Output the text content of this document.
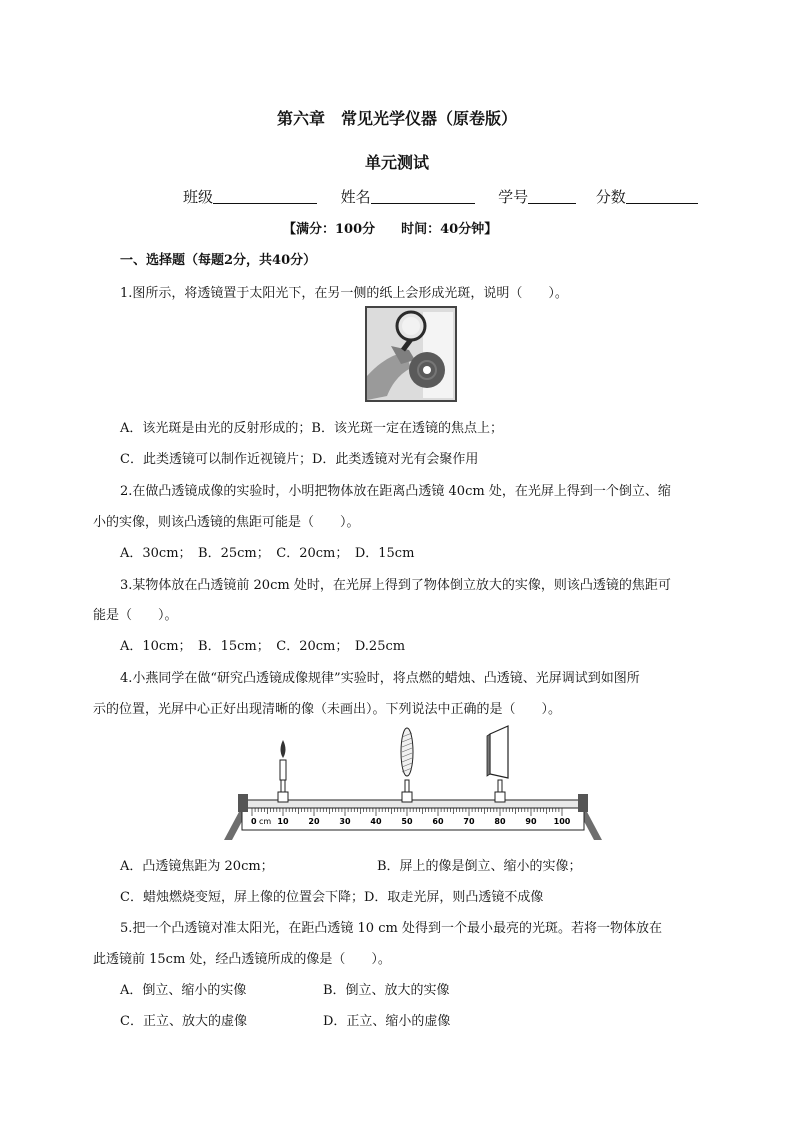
第六章　常见光学仪器（原卷版）
单元测试
班级	姓名	学号	分数
【满分：100分　　时间：40分钟】
一、选择题（每题2分，共40分）
1.图所示，将透镜置于太阳光下，在另一侧的纸上会形成光斑，说明（　　）。
A．该光斑是由光的反射形成的；B．该光斑一定在透镜的焦点上；
C．此类透镜可以制作近视镜片；D．此类透镜对光有会聚作用
2.在做凸透镜成像的实验时，小明把物体放在距离凸透镜 40cm 处，在光屏上得到一个倒立、缩
小的实像，则该凸透镜的焦距可能是（　　）。
A．30cm；　B．25cm；　C．20cm；　D．15cm
3.某物体放在凸透镜前 20cm 处时，在光屏上得到了物体倒立放大的实像，则该凸透镜的焦距可
能是（　　）。
A．10cm；　B．15cm；　C．20cm；　D.25cm
4.小燕同学在做“研究凸透镜成像规律”实验时，将点燃的蜡烛、凸透镜、光屏调试到如图所
示的位置，光屏中心正好出现清晰的像（未画出）。下列说法中正确的是（　　）。
0	10 20 30 40 50 60 70 80 90 100
cm
A．凸透镜焦距为 20cm；	B．屏上的像是倒立、缩小的实像；
C．蜡烛燃烧变短，屏上像的位置会下降；D．取走光屏，则凸透镜不成像
5.把一个凸透镜对准太阳光，在距凸透镜 10 cm 处得到一个最小最亮的光斑。若将一物体放在
此透镜前 15cm 处，经凸透镜所成的像是（　　）。
A．倒立、缩小的实像	B．倒立、放大的实像
C．正立、放大的虚像	D．正立、缩小的虚像
